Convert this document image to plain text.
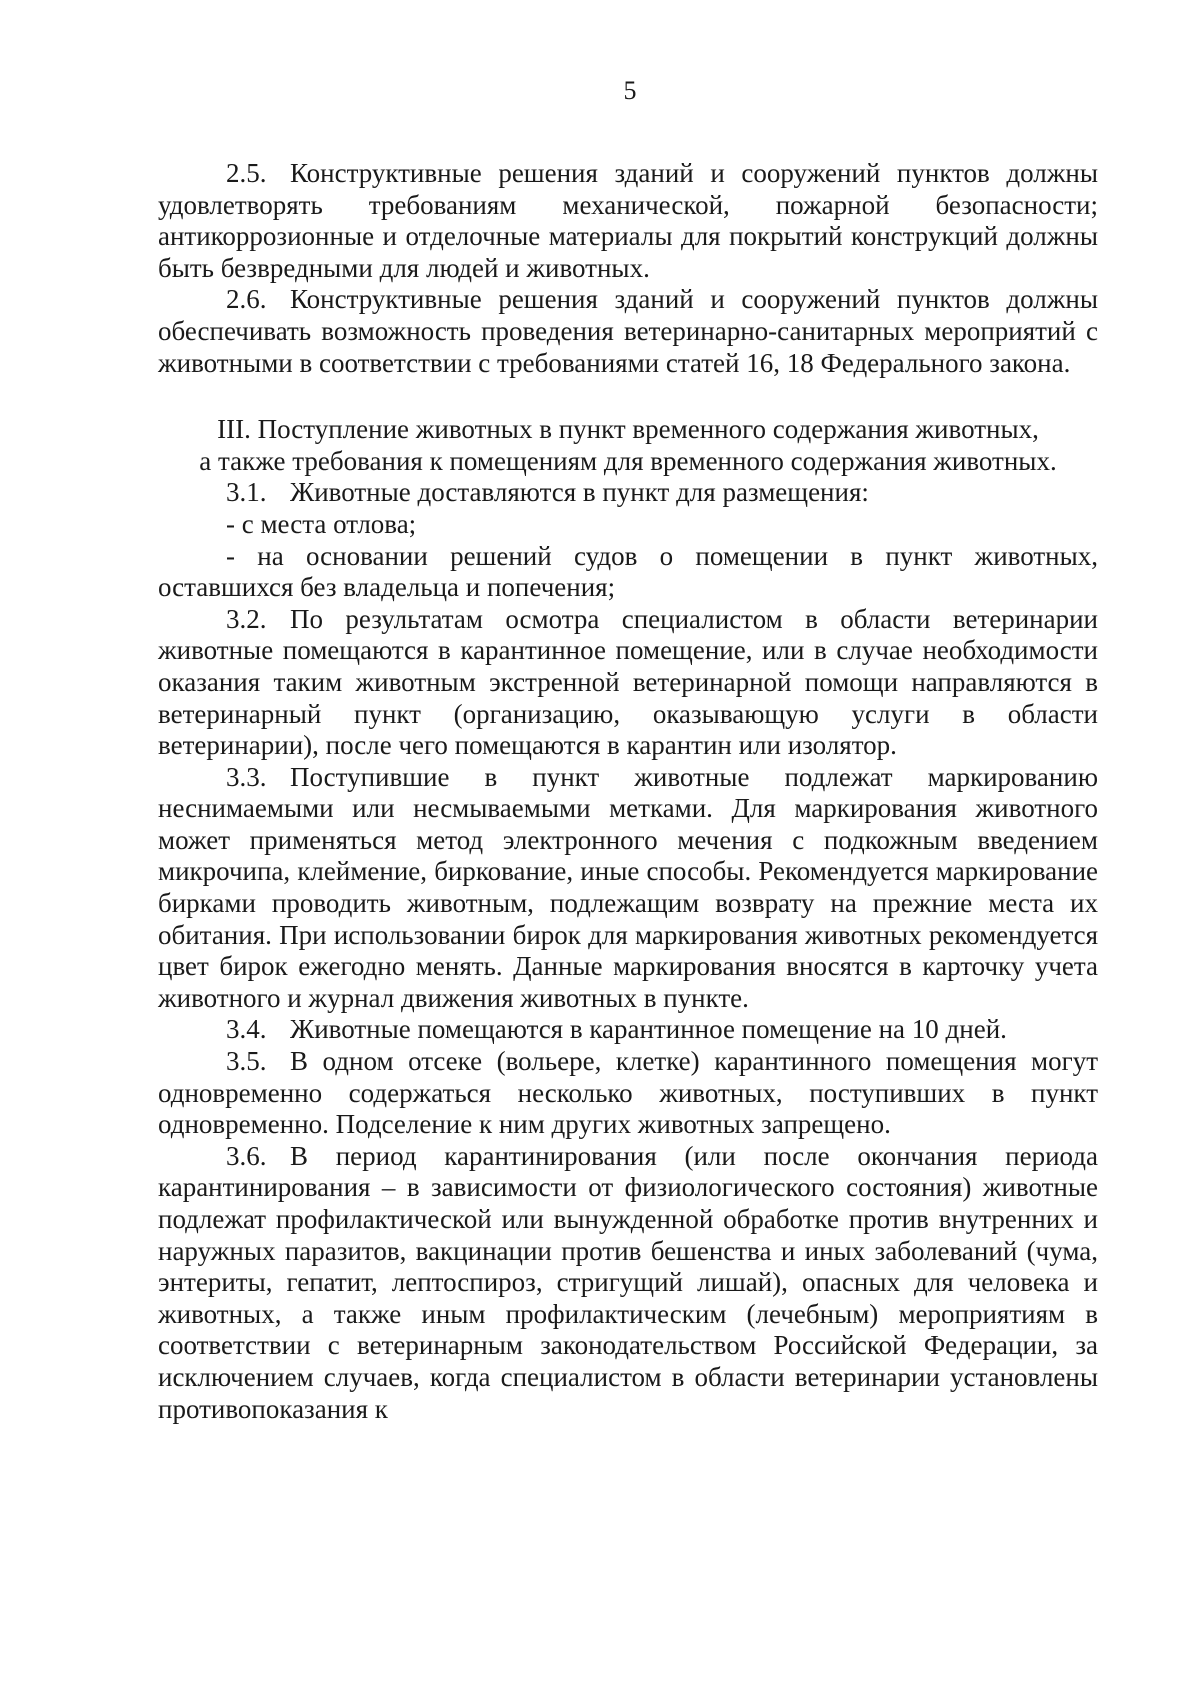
5

2.5. Конструктивные решения зданий и сооружений пунктов должны удовлетворять требованиям механической, пожарной безопасности; антикоррозионные и отделочные материалы для покрытий конструкций должны быть безвредными для людей и животных.

2.6. Конструктивные решения зданий и сооружений пунктов должны обеспечивать возможность проведения ветеринарно-санитарных мероприятий с животными в соответствии с требованиями статей 16, 18 Федерального закона.

III. Поступление животных в пункт временного содержания животных,
а также требования к помещениям для временного содержания животных.

3.1. Животные доставляются в пункт для размещения:

- с места отлова;

- на основании решений судов о помещении в пункт животных, оставшихся без владельца и попечения;

3.2. По результатам осмотра специалистом в области ветеринарии животные помещаются в карантинное помещение, или в случае необходимости оказания таким животным экстренной ветеринарной помощи направляются в ветеринарный пункт (организацию, оказывающую услуги в области ветеринарии), после чего помещаются в карантин или изолятор.

3.3. Поступившие в пункт животные подлежат маркированию неснимаемыми или несмываемыми метками. Для маркирования животного может применяться метод электронного мечения с подкожным введением микрочипа, клеймение, биркование, иные способы. Рекомендуется маркирование бирками проводить животным, подлежащим возврату на прежние места их обитания. При использовании бирок для маркирования животных рекомендуется цвет бирок ежегодно менять. Данные маркирования вносятся в карточку учета животного и журнал движения животных в пункте.

3.4. Животные помещаются в карантинное помещение на 10 дней.

3.5. В одном отсеке (вольере, клетке) карантинного помещения могут одновременно содержаться несколько животных, поступивших в пункт одновременно. Подселение к ним других животных запрещено.

3.6. В период карантинирования (или после окончания периода карантинирования – в зависимости от физиологического состояния) животные подлежат профилактической или вынужденной обработке против внутренних и наружных паразитов, вакцинации против бешенства и иных заболеваний (чума, энтериты, гепатит, лептоспироз, стригущий лишай), опасных для человека и животных, а также иным профилактическим (лечебным) мероприятиям в соответствии с ветеринарным законодательством Российской Федерации, за исключением случаев, когда специалистом в области ветеринарии установлены противопоказания к
